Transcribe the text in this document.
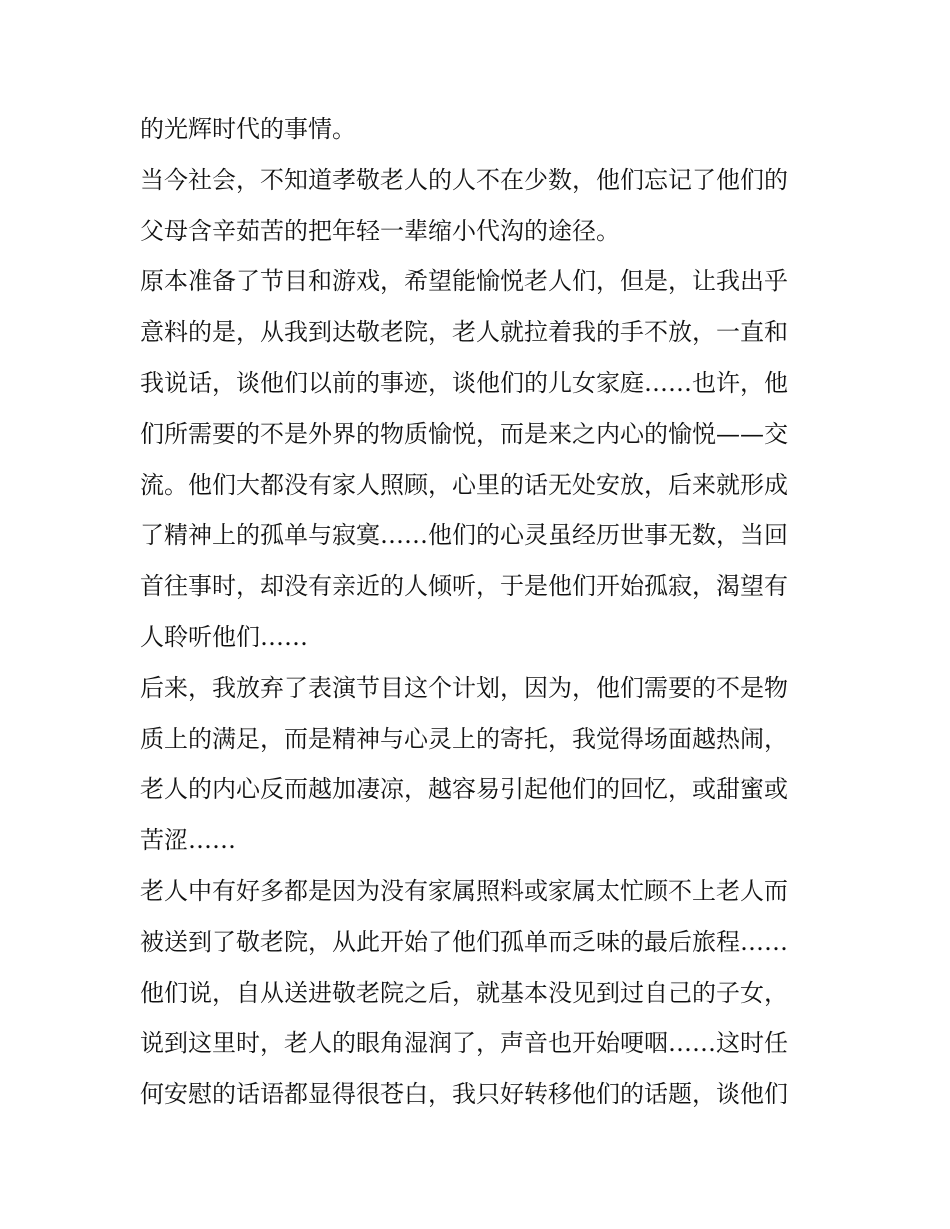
的光辉时代的事情。
当今社会，不知道孝敬老人的人不在少数，他们忘记了他们的
父母含辛茹苦的把年轻一辈缩小代沟的途径。
原本准备了节目和游戏，希望能愉悦老人们，但是，让我出乎
意料的是，从我到达敬老院，老人就拉着我的手不放，一直和
我说话，谈他们以前的事迹，谈他们的儿女家庭……也许，他
们所需要的不是外界的物质愉悦，而是来之内心的愉悦——交
流。他们大都没有家人照顾，心里的话无处安放，后来就形成
了精神上的孤单与寂寞……他们的心灵虽经历世事无数，当回
首往事时，却没有亲近的人倾听，于是他们开始孤寂，渴望有
人聆听他们……
后来，我放弃了表演节目这个计划，因为，他们需要的不是物
质上的满足，而是精神与心灵上的寄托，我觉得场面越热闹，
老人的内心反而越加凄凉，越容易引起他们的回忆，或甜蜜或
苦涩……
老人中有好多都是因为没有家属照料或家属太忙顾不上老人而
被送到了敬老院，从此开始了他们孤单而乏味的最后旅程……
他们说，自从送进敬老院之后，就基本没见到过自己的子女，
说到这里时，老人的眼角湿润了，声音也开始哽咽……这时任
何安慰的话语都显得很苍白，我只好转移他们的话题，谈他们
